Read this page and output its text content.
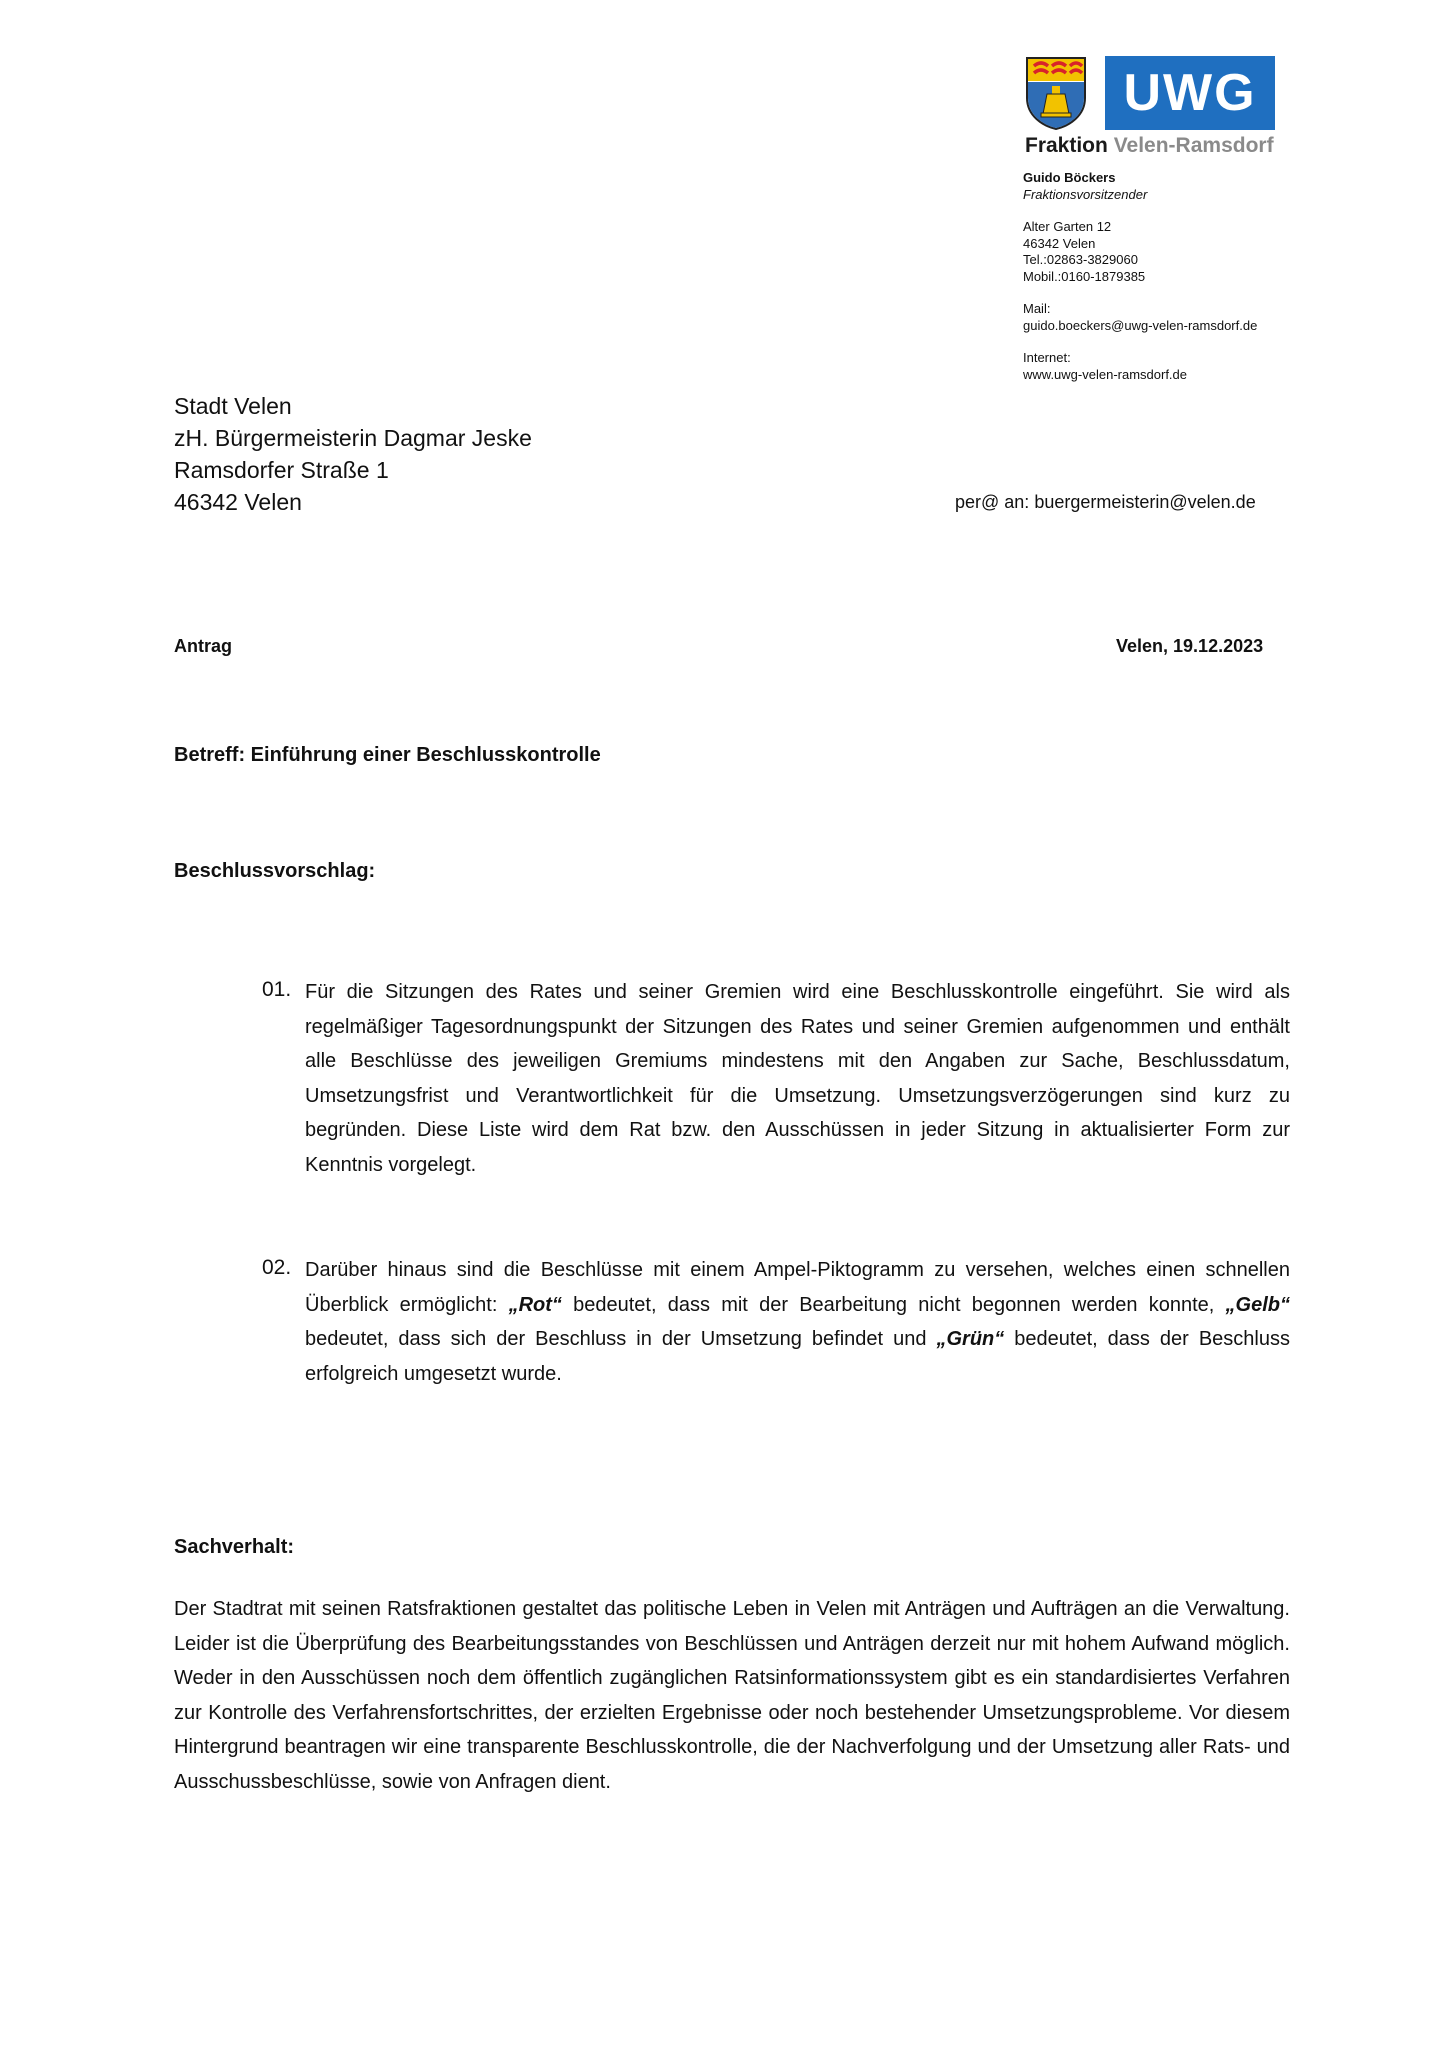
UWG
Fraktion Velen-Ramsdorf
Guido Böckers
Fraktionsvorsitzender
Alter Garten 12
46342 Velen
Tel.:02863-3829060
Mobil.:0160-1879385
Mail:
guido.boeckers@uwg-velen-ramsdorf.de
Internet:
www.uwg-velen-ramsdorf.de
Stadt Velen
zH. Bürgermeisterin Dagmar Jeske
Ramsdorfer Straße 1
46342 Velen	per@ an: buergermeisterin@velen.de
Antrag	Velen, 19.12.2023
Betreff: Einführung einer Beschlusskontrolle
Beschlussvorschlag:
01. Für die Sitzungen des Rates und seiner Gremien wird eine Beschlusskontrolle eingeführt. Sie wird als regelmäßiger Tagesordnungspunkt der Sitzungen des Rates und seiner Gremien aufgenommen und enthält alle Beschlüsse des jeweiligen Gremiums mindestens mit den Angaben zur Sache, Beschlussdatum, Umsetzungsfrist und Verantwortlichkeit für die Umsetzung. Umsetzungsverzögerungen sind kurz zu begründen. Diese Liste wird dem Rat bzw. den Ausschüssen in jeder Sitzung in aktualisierter Form zur Kenntnis vorgelegt.
02. Darüber hinaus sind die Beschlüsse mit einem Ampel-Piktogramm zu versehen, welches einen schnellen Überblick ermöglicht: „Rot“ bedeutet, dass mit der Bearbeitung nicht begonnen werden konnte, „Gelb“ bedeutet, dass sich der Beschluss in der Umsetzung befindet und „Grün“ bedeutet, dass der Beschluss erfolgreich umgesetzt wurde.
Sachverhalt:
Der Stadtrat mit seinen Ratsfraktionen gestaltet das politische Leben in Velen mit Anträgen und Aufträgen an die Verwaltung. Leider ist die Überprüfung des Bearbeitungsstandes von Beschlüssen und Anträgen derzeit nur mit hohem Aufwand möglich. Weder in den Ausschüssen noch dem öffentlich zugänglichen Ratsinformationssystem gibt es ein standardisiertes Verfahren zur Kontrolle des Verfahrensfortschrittes, der erzielten Ergebnisse oder noch bestehender Umsetzungsprobleme. Vor diesem Hintergrund beantragen wir eine transparente Beschlusskontrolle, die der Nachverfolgung und der Umsetzung aller Rats- und Ausschussbeschlüsse, sowie von Anfragen dient.
